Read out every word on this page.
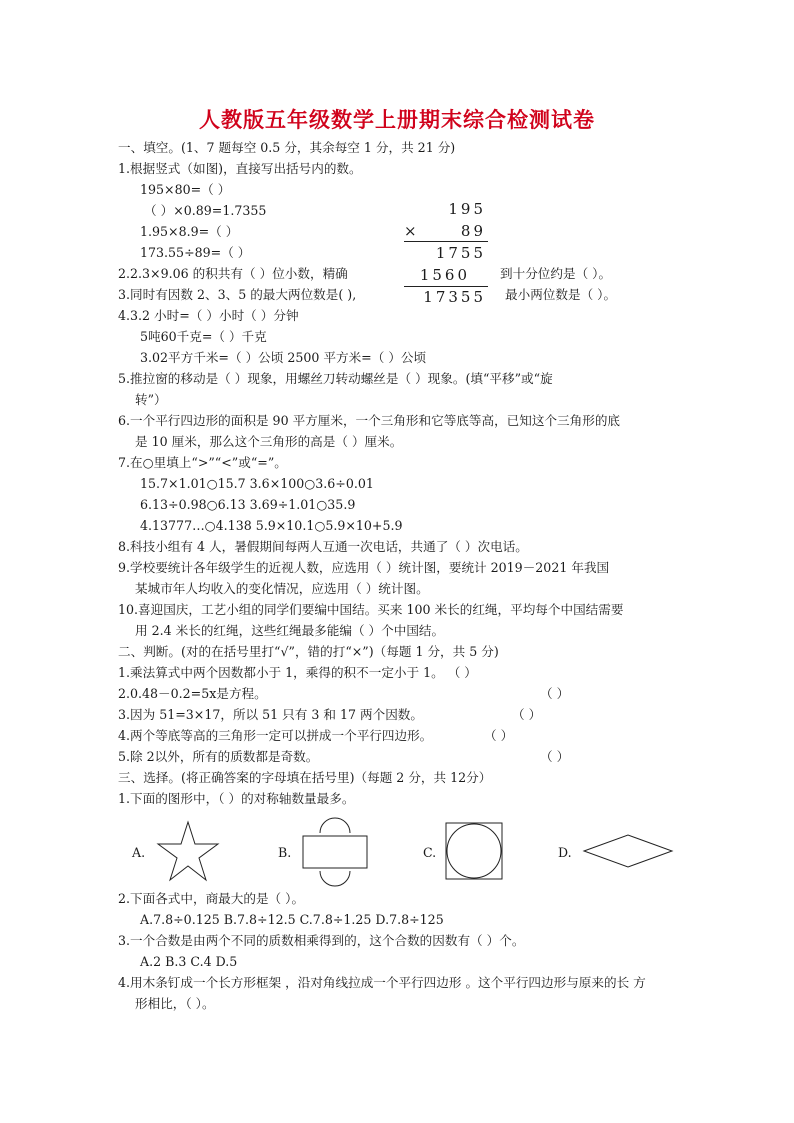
人教版五年级数学上册期末综合检测试卷
一、填空。(1、7 题每空 0.5 分，其余每空 1 分，共 21 分)
1.根据竖式（如图)，直接写出括号内的数。
195×80=（ ）
（ ）×0.89=1.7355
1.95×8.9=（ ）
173.55÷89=（ ）
2.2.3×9.06 的积共有（ ）位小数，精确	到十分位约是（ ）。
3.同时有因数 2、3、5 的最大两位数是( ),	最小两位数是（ ）。
195
×	89
1755
1560
17355
4.3.2 小时=（ ）小时（ ）分钟
5吨60千克=（ ）千克
3.02平方千米=（ ）公顷 2500 平方米=（ ）公顷
5.推拉窗的移动是（ ）现象，用螺丝刀转动螺丝是（ ）现象。(填“平移”或“旋
转”）
6.一个平行四边形的面积是 90 平方厘米，一个三角形和它等底等高，已知这个三角形的底
是 10 厘米，那么这个三角形的高是（ ）厘米。
7.在○里填上“>”“<”或“=”。
15.7×1.01○15.7 3.6×100○3.6÷0.01
6.13÷0.98○6.13 3.69÷1.01○35.9
4.13777…○4.138 5.9×10.1○5.9×10+5.9
8.科技小组有 4 人，暑假期间每两人互通一次电话，共通了（ ）次电话。
9.学校要统计各年级学生的近视人数，应选用（ ）统计图，要统计 2019－2021 年我国
某城市年人均收入的变化情况，应选用（ ）统计图。
10.喜迎国庆，工艺小组的同学们要编中国结。买来 100 米长的红绳，平均每个中国结需要
用 2.4 米长的红绳，这些红绳最多能编（ ）个中国结。
二、判断。(对的在括号里打“√”，错的打“×”)（每题 1 分，共 5 分)
1.乘法算式中两个因数都小于 1，乘得的积不一定小于 1。 （ ）
2.0.48－0.2=5x是方程。	（ ）
3.因为 51=3×17，所以 51 只有 3 和 17 两个因数。	（ ）
4.两个等底等高的三角形一定可以拼成一个平行四边形。	（ ）
5.除 2以外，所有的质数都是奇数。	（ ）
三、选择。(将正确答案的字母填在括号里)（每题 2 分，共 12分）
1.下面的图形中，（ ）的对称轴数量最多。
A.	B.	C.	D.
2.下面各式中，商最大的是（ ）。
A.7.8÷0.125 B.7.8÷12.5 C.7.8÷1.25 D.7.8÷125
3.一个合数是由两个不同的质数相乘得到的，这个合数的因数有（ ）个。
A.2 B.3 C.4 D.5
4.用木条钉成一个长方形框架 ，沿对角线拉成一个平行四边形 。这个平行四边形与原来的长 方
形相比，（ ）。
